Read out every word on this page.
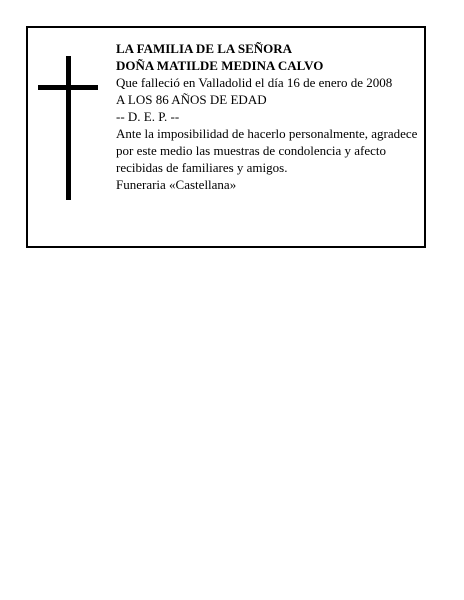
LA FAMILIA DE LA SEÑORA
DOÑA MATILDE MEDINA CALVO
Que falleció en Valladolid el día 16 de enero de 2008
A LOS 86 AÑOS DE EDAD
-- D. E. P. --
Ante la imposibilidad de hacerlo personalmente, agradece por este medio las muestras de condolencia y afecto recibidas de familiares y amigos.
Funeraria «Castellana»
